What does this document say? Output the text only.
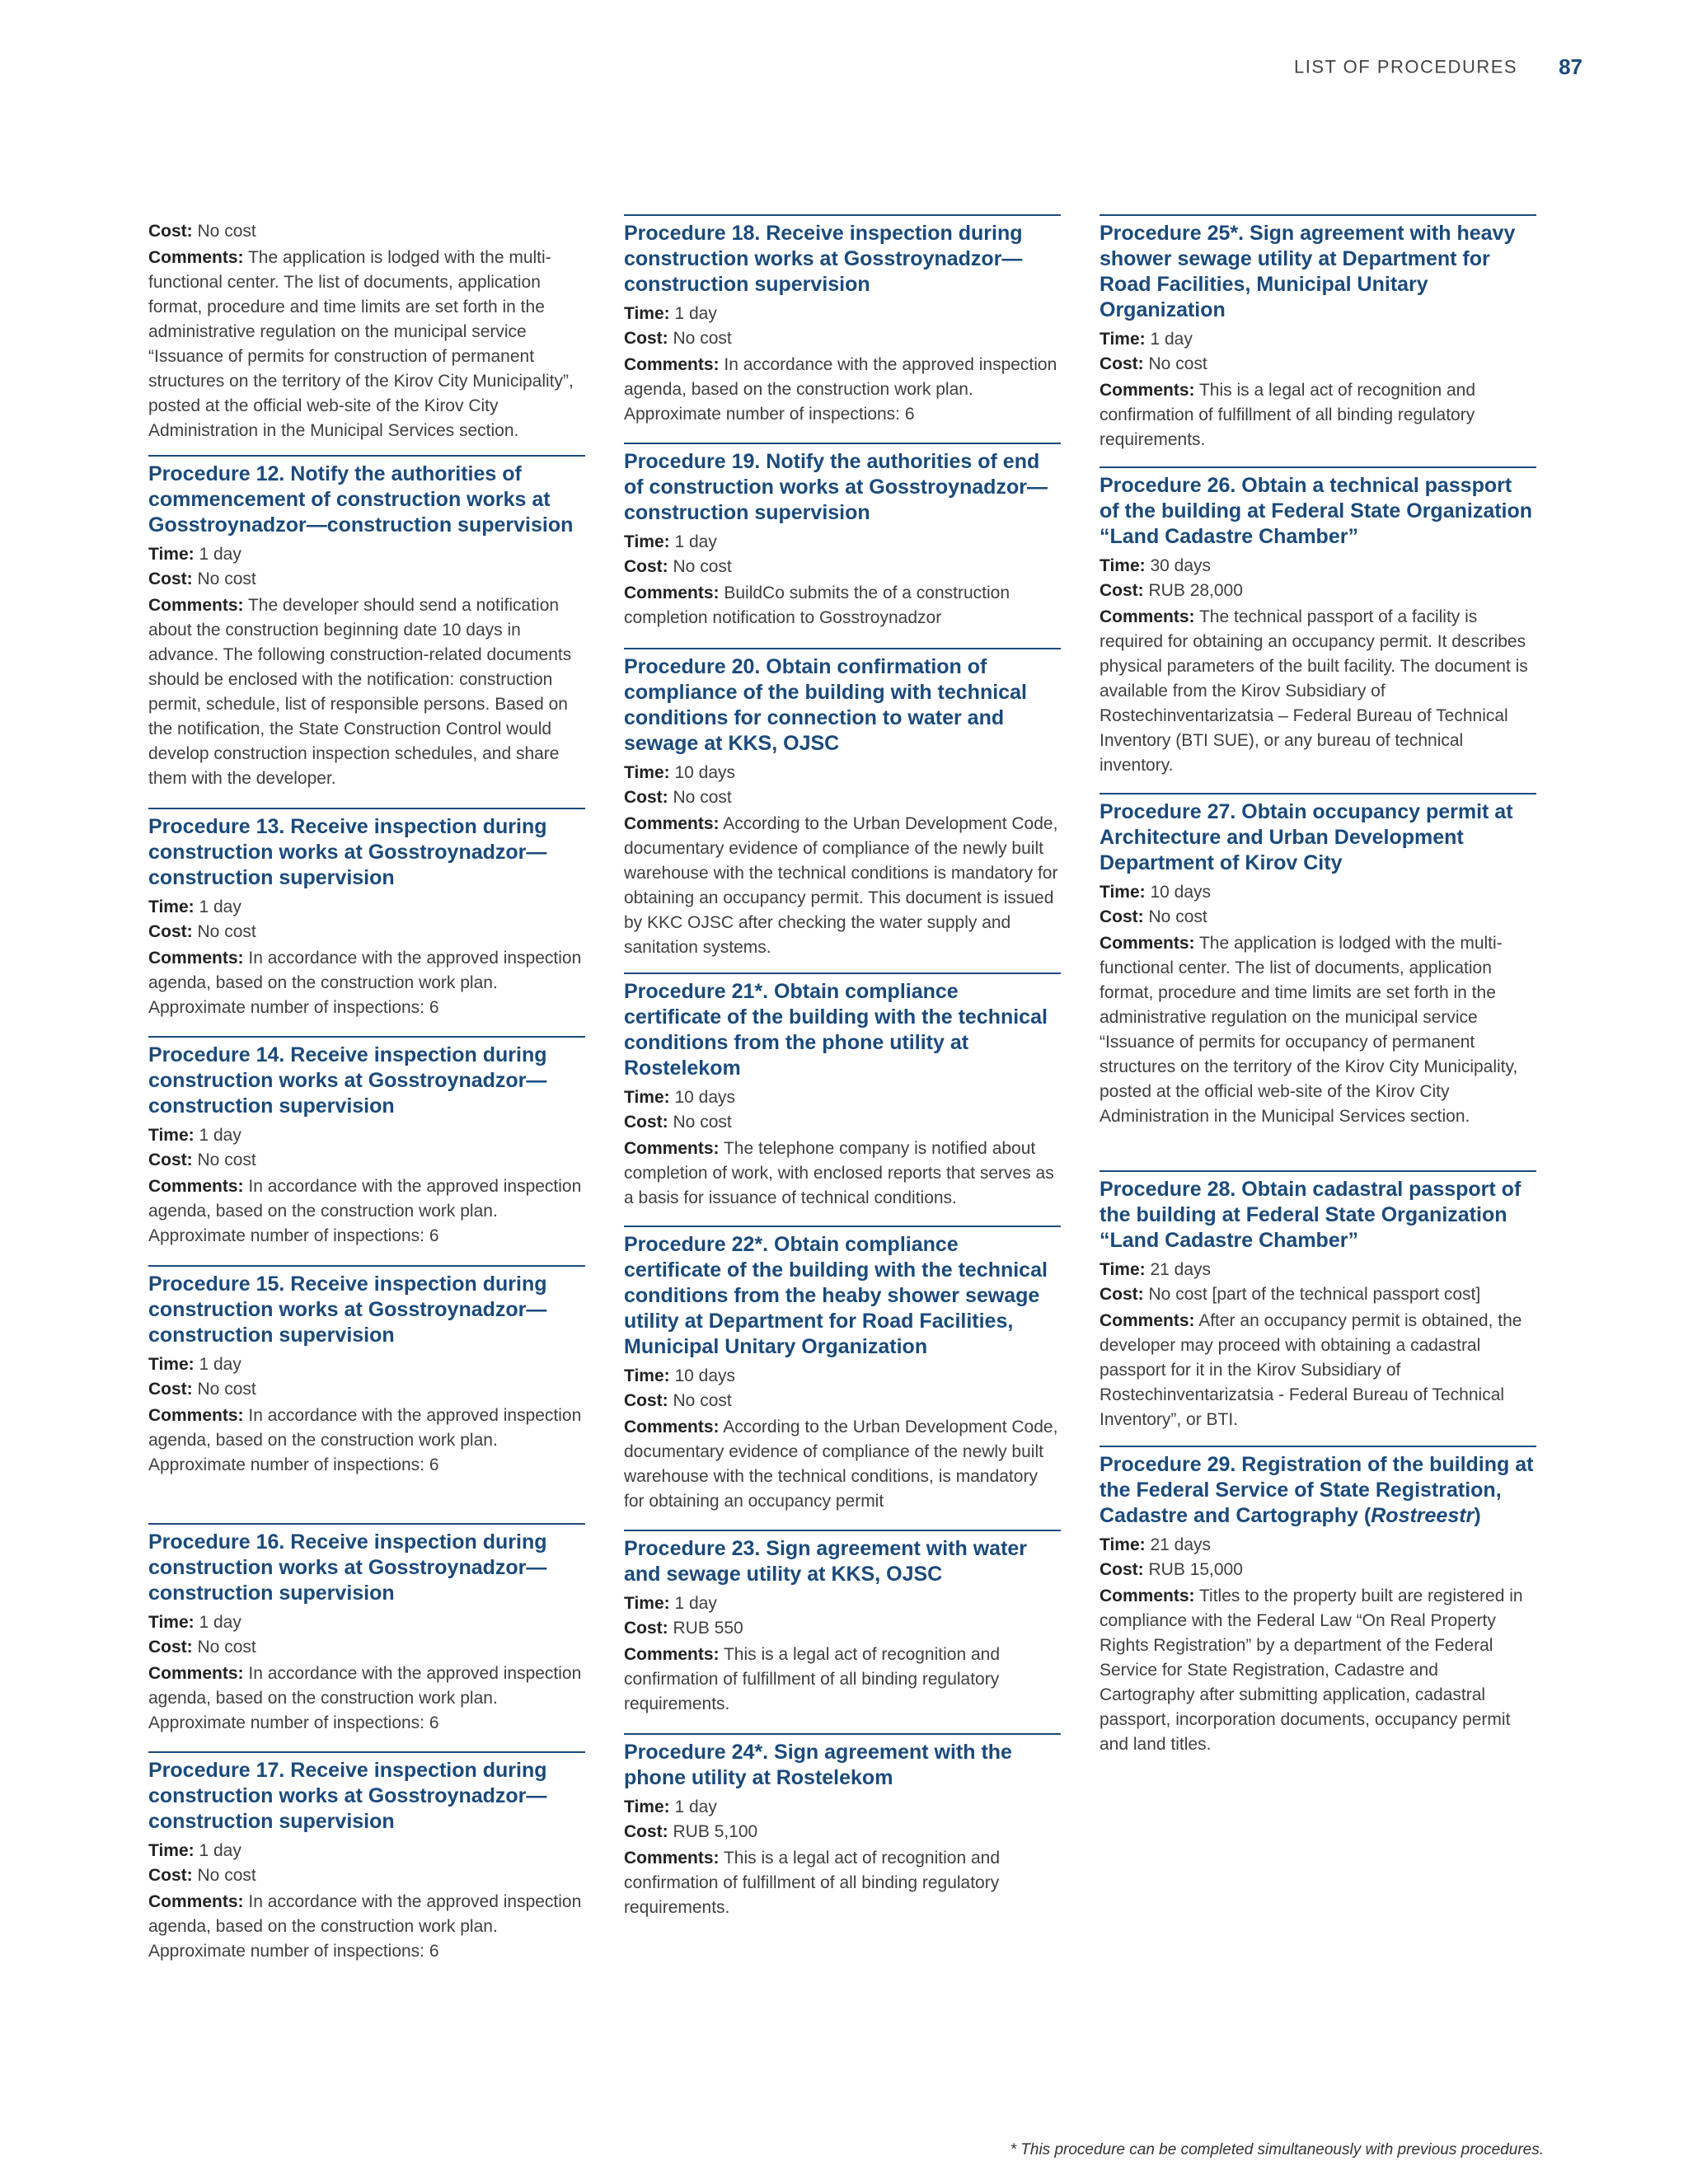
LIST OF PROCEDURES 87
Cost: No cost
Comments: The application is lodged with the multi-functional center. The list of documents, application format, procedure and time limits are set forth in the administrative regulation on the municipal service “Issuance of permits for construction of permanent structures on the territory of the Kirov City Municipality”, posted at the official web-site of the Kirov City Administration in the Municipal Services section.
Procedure 12. Notify the authorities of commencement of construction works at Gosstroynadzor—construction supervision
Time: 1 day
Cost: No cost
Comments: The developer should send a notification about the construction beginning date 10 days in advance. The following construction-related documents should be enclosed with the notification: construction permit, schedule, list of responsible persons. Based on the notification, the State Construction Control would develop construction inspection schedules, and share them with the developer.
Procedure 13. Receive inspection during construction works at Gosstroynadzor—construction supervision
Time: 1 day
Cost: No cost
Comments: In accordance with the approved inspection agenda, based on the construction work plan. Approximate number of inspections: 6
Procedure 14. Receive inspection during construction works at Gosstroynadzor—construction supervision
Time: 1 day
Cost: No cost
Comments: In accordance with the approved inspection agenda, based on the construction work plan. Approximate number of inspections: 6
Procedure 15. Receive inspection during construction works at Gosstroynadzor—construction supervision
Time: 1 day
Cost: No cost
Comments: In accordance with the approved inspection agenda, based on the construction work plan. Approximate number of inspections: 6
Procedure 16. Receive inspection during construction works at Gosstroynadzor—construction supervision
Time: 1 day
Cost: No cost
Comments: In accordance with the approved inspection agenda, based on the construction work plan. Approximate number of inspections: 6
Procedure 17. Receive inspection during construction works at Gosstroynadzor—construction supervision
Time: 1 day
Cost: No cost
Comments: In accordance with the approved inspection agenda, based on the construction work plan. Approximate number of inspections: 6
Procedure 18. Receive inspection during construction works at Gosstroynadzor—construction supervision
Time: 1 day
Cost: No cost
Comments: In accordance with the approved inspection agenda, based on the construction work plan. Approximate number of inspections: 6
Procedure 19. Notify the authorities of end of construction works at Gosstroynadzor—construction supervision
Time: 1 day
Cost: No cost
Comments: BuildCo submits the of a construction completion notification to Gosstroynadzor
Procedure 20. Obtain confirmation of compliance of the building with technical conditions for connection to water and sewage at KKS, OJSC
Time: 10 days
Cost: No cost
Comments: According to the Urban Development Code, documentary evidence of compliance of the newly built warehouse with the technical conditions is mandatory for obtaining an occupancy permit. This document is issued by KKC OJSC after checking the water supply and sanitation systems.
Procedure 21*. Obtain compliance certificate of the building with the technical conditions from the phone utility at Rostelekom
Time: 10 days
Cost: No cost
Comments: The telephone company is notified about completion of work, with enclosed reports that serves as a basis for issuance of technical conditions.
Procedure 22*. Obtain compliance certificate of the building with the technical conditions from the heaby shower sewage utility at Department for Road Facilities, Municipal Unitary Organization
Time: 10 days
Cost: No cost
Comments: According to the Urban Development Code, documentary evidence of compliance of the newly built warehouse with the technical conditions, is mandatory for obtaining an occupancy permit
Procedure 23. Sign agreement with water and sewage utility at KKS, OJSC
Time: 1 day
Cost: RUB 550
Comments: This is a legal act of recognition and confirmation of fulfillment of all binding regulatory requirements.
Procedure 24*. Sign agreement with the phone utility at Rostelekom
Time: 1 day
Cost: RUB 5,100
Comments: This is a legal act of recognition and confirmation of fulfillment of all binding regulatory requirements.
Procedure 25*. Sign agreement with heavy shower sewage utility at Department for Road Facilities, Municipal Unitary Organization
Time: 1 day
Cost: No cost
Comments: This is a legal act of recognition and confirmation of fulfillment of all binding regulatory requirements.
Procedure 26. Obtain a technical passport of the building at Federal State Organization “Land Cadastre Chamber”
Time: 30 days
Cost: RUB 28,000
Comments: The technical passport of a facility is required for obtaining an occupancy permit. It describes physical parameters of the built facility. The document is available from the Kirov Subsidiary of Rostechinventarizatsia – Federal Bureau of Technical Inventory (BTI SUE), or any bureau of technical inventory.
Procedure 27. Obtain occupancy permit at Architecture and Urban Development Department of Kirov City
Time: 10 days
Cost: No cost
Comments: The application is lodged with the multi-functional center. The list of documents, application format, procedure and time limits are set forth in the administrative regulation on the municipal service “Issuance of permits for occupancy of permanent structures on the territory of the Kirov City Municipality, posted at the official web-site of the Kirov City Administration in the Municipal Services section.
Procedure 28. Obtain cadastral passport of the building at Federal State Organization “Land Cadastre Chamber”
Time: 21 days
Cost: No cost [part of the technical passport cost]
Comments: After an occupancy permit is obtained, the developer may proceed with obtaining a cadastral passport for it in the Kirov Subsidiary of Rostechinventarizatsia - Federal Bureau of Technical Inventory”, or BTI.
Procedure 29. Registration of the building at the Federal Service of State Registration, Cadastre and Cartography (Rostreestr)
Time: 21 days
Cost: RUB 15,000
Comments: Titles to the property built are registered in compliance with the Federal Law “On Real Property Rights Registration” by a department of the Federal Service for State Registration, Cadastre and Cartography after submitting application, cadastral passport, incorporation documents, occupancy permit and land titles.
* This procedure can be completed simultaneously with previous procedures.
